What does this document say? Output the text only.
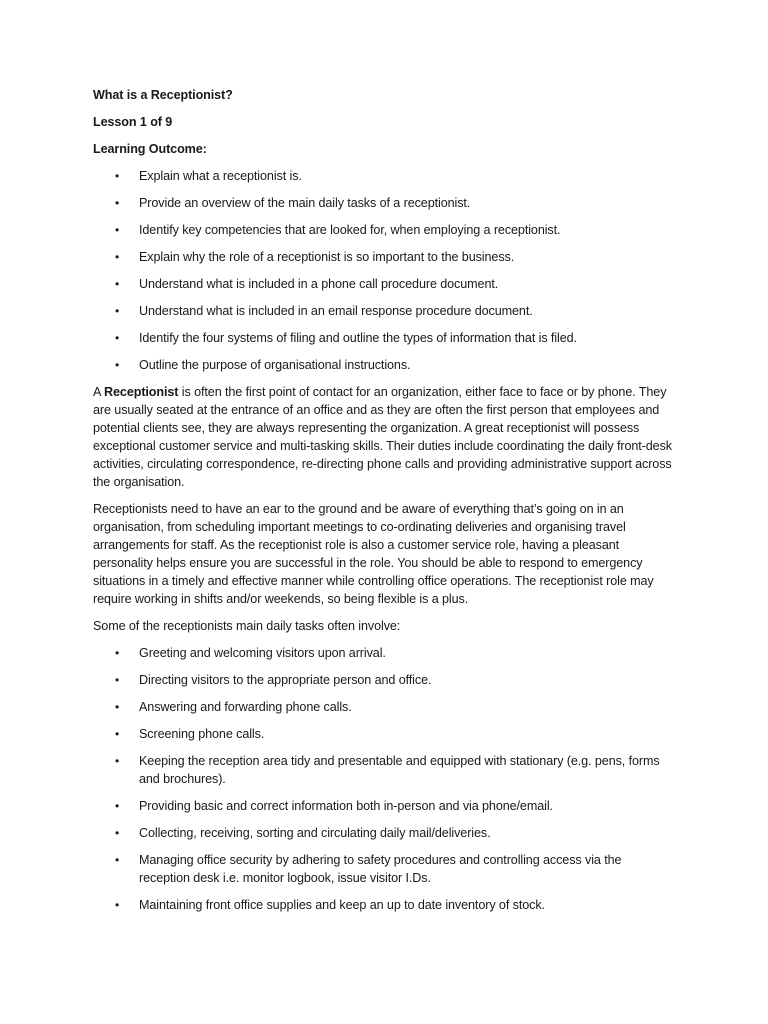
What is a Receptionist?
Lesson 1 of 9
Learning Outcome:
• Explain what a receptionist is.
• Provide an overview of the main daily tasks of a receptionist.
• Identify key competencies that are looked for, when employing a receptionist.
• Explain why the role of a receptionist is so important to the business.
• Understand what is included in a phone call procedure document.
• Understand what is included in an email response procedure document.
• Identify the four systems of filing and outline the types of information that is filed.
• Outline the purpose of organisational instructions.

A Receptionist is often the first point of contact for an organization, either face to face or by phone. They are usually seated at the entrance of an office and as they are often the first person that employees and potential clients see, they are always representing the organization. A great receptionist will possess exceptional customer service and multi-tasking skills. Their duties include coordinating the daily front-desk activities, circulating correspondence, re-directing phone calls and providing administrative support across the organisation.

Receptionists need to have an ear to the ground and be aware of everything that’s going on in an organisation, from scheduling important meetings to co-ordinating deliveries and organising travel arrangements for staff. As the receptionist role is also a customer service role, having a pleasant personality helps ensure you are successful in the role. You should be able to respond to emergency situations in a timely and effective manner while controlling office operations. The receptionist role may require working in shifts and/or weekends, so being flexible is a plus.

Some of the receptionists main daily tasks often involve:

• Greeting and welcoming visitors upon arrival.
• Directing visitors to the appropriate person and office.
• Answering and forwarding phone calls.
• Screening phone calls.
• Keeping the reception area tidy and presentable and equipped with stationary (e.g. pens, forms and brochures).
• Providing basic and correct information both in-person and via phone/email.
• Collecting, receiving, sorting and circulating daily mail/deliveries.
• Managing office security by adhering to safety procedures and controlling access via the reception desk i.e. monitor logbook, issue visitor I.Ds.
• Maintaining front office supplies and keep an up to date inventory of stock.
